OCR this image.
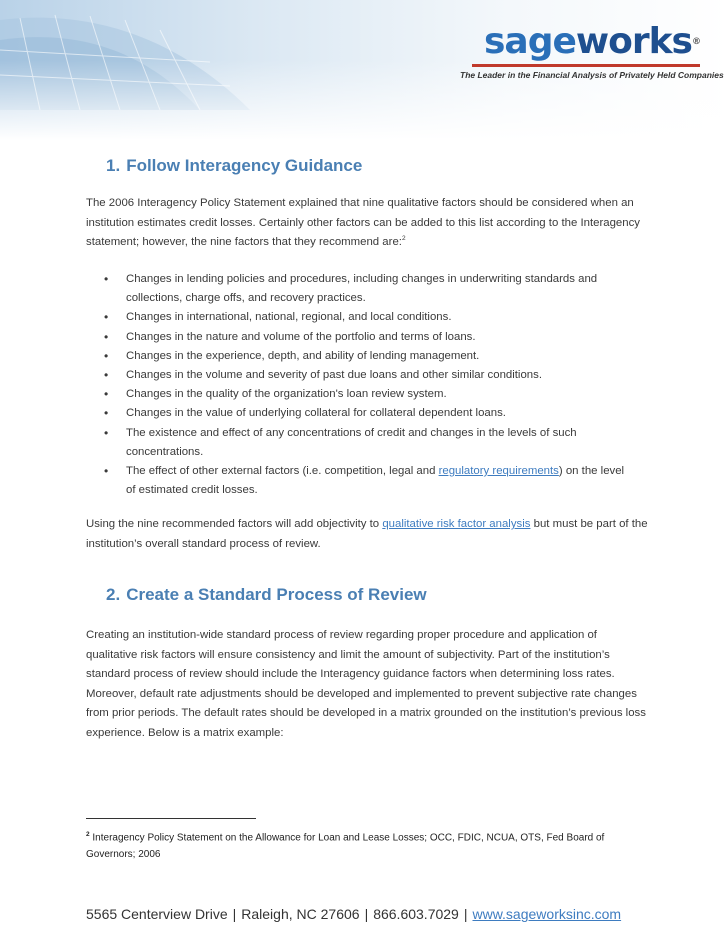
sageworks®
The Leader in the Financial Analysis of Privately Held Companies
1. Follow Interagency Guidance

The 2006 Interagency Policy Statement explained that nine qualitative factors should be considered when an institution estimates credit losses. Certainly other factors can be added to this list according to the Interagency statement; however, the nine factors that they recommend are:$^2$

• Changes in lending policies and procedures, including changes in underwriting standards and collections, charge offs, and recovery practices.
• Changes in international, national, regional, and local conditions.
• Changes in the nature and volume of the portfolio and terms of loans.
• Changes in the experience, depth, and ability of lending management.
• Changes in the volume and severity of past due loans and other similar conditions.
• Changes in the quality of the organization's loan review system.
• Changes in the value of underlying collateral for collateral dependent loans.
• The existence and effect of any concentrations of credit and changes in the levels of such concentrations.
• The effect of other external factors (i.e. competition, legal and regulatory requirements) on the level of estimated credit losses.

Using the nine recommended factors will add objectivity to qualitative risk factor analysis but must be part of the institution’s overall standard process of review.

2. Create a Standard Process of Review

Creating an institution-wide standard process of review regarding proper procedure and application of qualitative risk factors will ensure consistency and limit the amount of subjectivity. Part of the institution’s standard process of review should include the Interagency guidance factors when determining loss rates. Moreover, default rate adjustments should be developed and implemented to prevent subjective rate changes from prior periods. The default rates should be developed in a matrix grounded on the institution’s previous loss experience. Below is a matrix example:

$^2$ Interagency Policy Statement on the Allowance for Loan and Lease Losses; OCC, FDIC, NCUA, OTS, Fed Board of Governors; 2006
5565 Centerview Drive | Raleigh, NC 27606 | 866.603.7029 | www.sageworksinc.com
